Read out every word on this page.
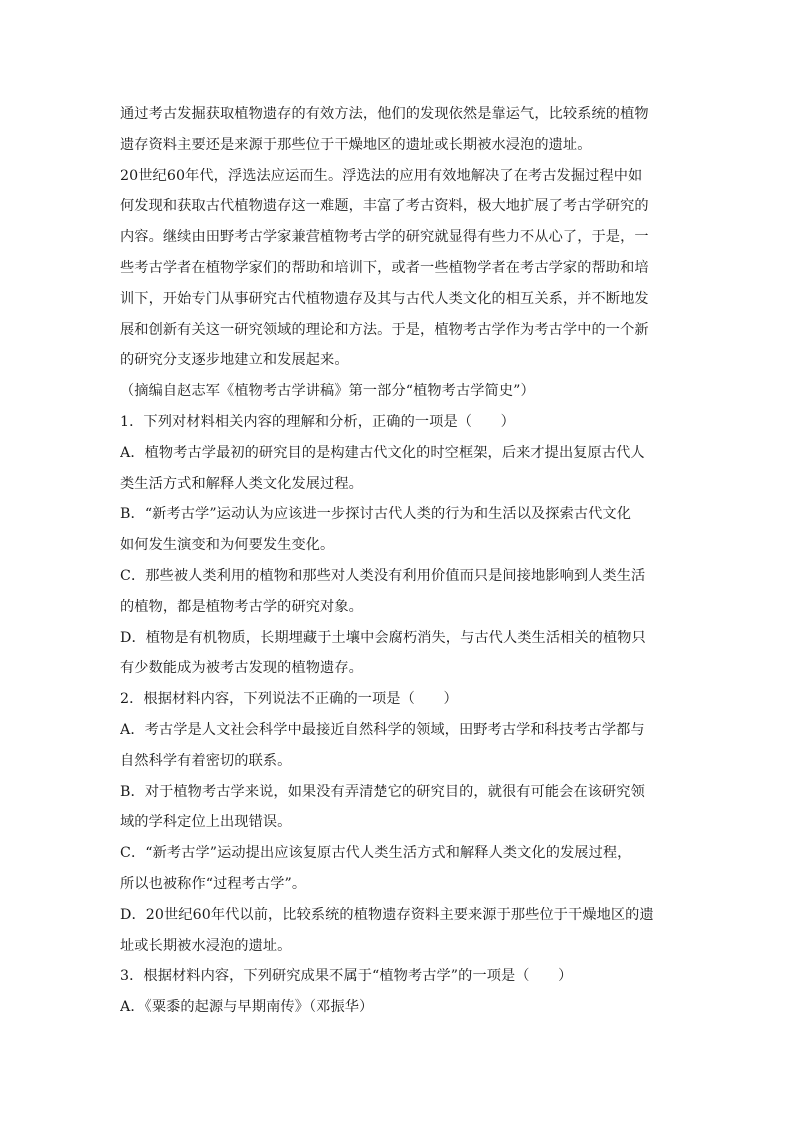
通过考古发掘获取植物遗存的有效方法，他们的发现依然是靠运气，比较系统的植物
遗存资料主要还是来源于那些位于干燥地区的遗址或长期被水浸泡的遗址。
20世纪60年代，浮选法应运而生。浮选法的应用有效地解决了在考古发掘过程中如
何发现和获取古代植物遗存这一难题，丰富了考古资料，极大地扩展了考古学研究的
内容。继续由田野考古学家兼营植物考古学的研究就显得有些力不从心了，于是，一
些考古学者在植物学家们的帮助和培训下，或者一些植物学者在考古学家的帮助和培
训下，开始专门从事研究古代植物遗存及其与古代人类文化的相互关系，并不断地发
展和创新有关这一研究领域的理论和方法。于是，植物考古学作为考古学中的一个新
的研究分支逐步地建立和发展起来。
（摘编自赵志军《植物考古学讲稿》第一部分“植物考古学简史”）
1．下列对材料相关内容的理解和分析，正确的一项是（　　）
A．植物考古学最初的研究目的是构建古代文化的时空框架，后来才提出复原古代人
类生活方式和解释人类文化发展过程。
B．“新考古学”运动认为应该进一步探讨古代人类的行为和生活以及探索古代文化
如何发生演变和为何要发生变化。
C．那些被人类利用的植物和那些对人类没有利用价值而只是间接地影响到人类生活
的植物，都是植物考古学的研究对象。
D．植物是有机物质，长期埋藏于土壤中会腐朽消失，与古代人类生活相关的植物只
有少数能成为被考古发现的植物遗存。
2．根据材料内容，下列说法不正确的一项是（　　）
A．考古学是人文社会科学中最接近自然科学的领域，田野考古学和科技考古学都与
自然科学有着密切的联系。
B．对于植物考古学来说，如果没有弄清楚它的研究目的，就很有可能会在该研究领
域的学科定位上出现错误。
C．“新考古学”运动提出应该复原古代人类生活方式和解释人类文化的发展过程，
所以也被称作“过程考古学”。
D．20世纪60年代以前，比较系统的植物遗存资料主要来源于那些位于干燥地区的遗
址或长期被水浸泡的遗址。
3．根据材料内容，下列研究成果不属于“植物考古学”的一项是（　　）
A．《粟黍的起源与早期南传》（邓振华）
